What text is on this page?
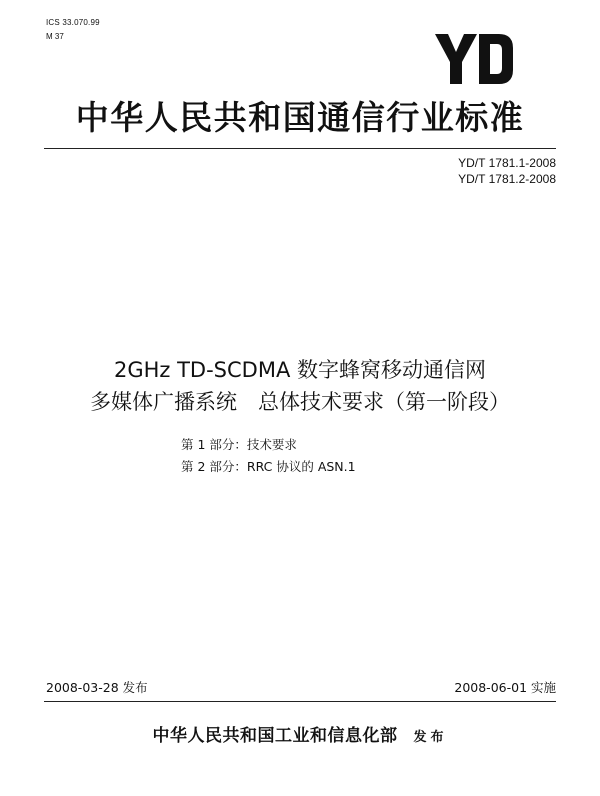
ICS 33.070.99
M 37
中华人民共和国通信行业标准
YD/T 1781.1-2008
YD/T 1781.2-2008
2GHz TD-SCDMA 数字蜂窝移动通信网
多媒体广播系统　总体技术要求（第一阶段）
第 1 部分：技术要求
第 2 部分：RRC 协议的 ASN.1
2008-03-28 发布	2008-06-01 实施
中华人民共和国工业和信息化部 发布
